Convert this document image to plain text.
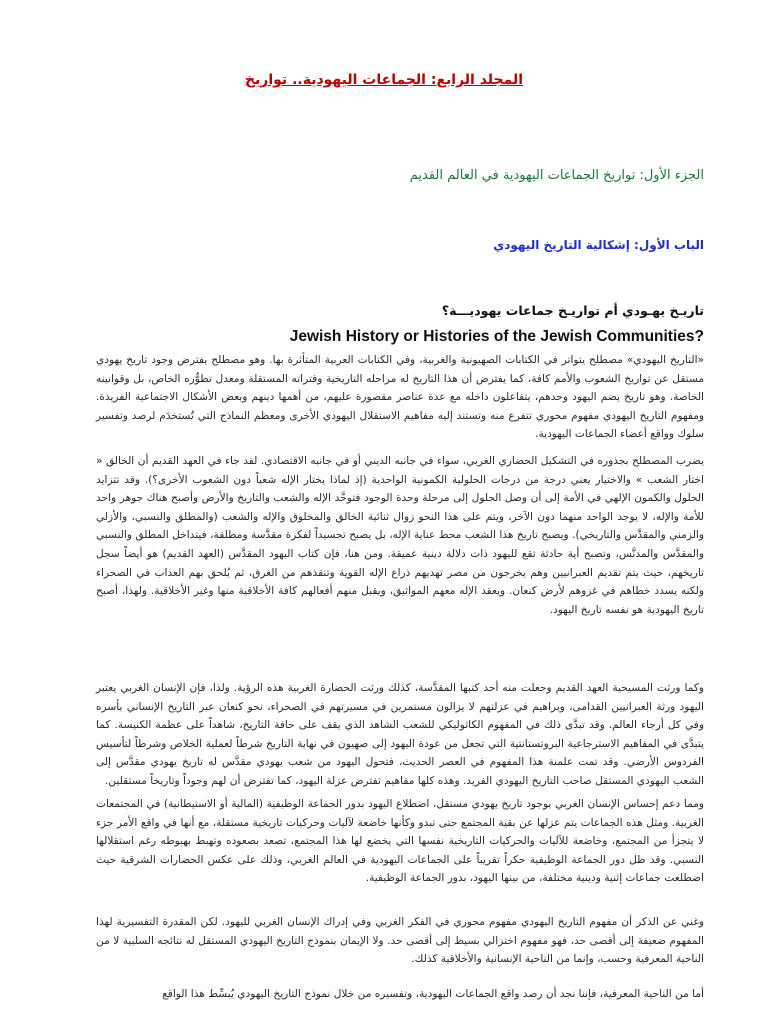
المجلد الرابع: الجماعات اليهودية.. تواريخ
الجزء الأول: تواريخ الجماعات اليهودية في العالم القديم
الباب الأول: إشكالية التاريخ اليهودي
تاريـخ يهـودي أم تواريـخ جماعات يهوديـــة؟
Jewish History or Histories of the Jewish Communities?
«التاريخ اليهودي» مصطلح يتواتر في الكتابات الصهيونية والغربية، وفي الكتابات العربية المتأثرة بها. وهو مصطلح يفترض وجود تاريخ يهودي مستقل عن تواريخ الشعوب والأمم كافة، كما يفترض أن هذا التاريخ له مراحله التاريخية وفتراته المستقلة ومعدل تطوُّره الخاص، بل وقوانينه الخاصة. وهو تاريخ يضم اليهود وحدهم، يتفاعلون داخله مع عدة عناصر مقصورة عليهم، من أهمها دينهم وبعض الأشكال الاجتماعية الفريدة. ومفهوم التاريخ اليهودي مفهوم محوري تتفرع منه وتستند إليه مفاهيم الاستقلال اليهودي الأخرى ومعظم النماذج التي تُستخدَم لرصد وتفسير سلوك وواقع أعضاء الجماعات اليهودية.
يضرب المصطلح بجذوره في التشكيل الحضاري الغربي، سواء في جانبه الديني أو في جانبه الاقتصادي. لقد جاء في العهد القديم أن الخالق « اختار الشعب » والاختيار يعني درجة من درجات الحلولية الكمونية الواحدية (إذ لماذا يختار الإله شعباً دون الشعوب الأخرى؟). وقد تتزايد الحلول والكمون الإلهي في الأمة إلى أن وصل الحلول إلى مرحلة وحدة الوجود فتوحَّد الإله والشعب والتاريخ والأرض وأصبح هناك جوهر واحد للأمة والإله، لا يوجد الواحد منهما دون الآخر، ويتم على هذا النحو زوال ثنائية الخالق والمخلوق والإله والشعب (والمطلق والنسبي، والأزلي والزمني والمقدَّس والتاريخي). ويصبح تاريخ هذا الشعب محط عناية الإله، بل يصبح تجسيداً لفكرة مقدَّسة ومطلقة، فيتداخل المطلق والنسبي والمقدَّس والمدنَّس، وتصبح أية حادثة تقع لليهود ذات دلالة دينية عميقة. ومن هنا، فإن كتاب اليهود المقدَّس (العهد القديم) هو أيضاً سجل تاريخهم، حيث يتم تقديم العبرانيين وهم يخرجون من مصر تهديهم ذراع الإله القوية وتنقذهم من الغرق، ثم يُلحق بهم العذاب في الصحراء ولكنه يسدد خطاهم في غزوهم لأرض كنعان. ويعقد الإله معهم المواثيق، ويقبل منهم أفعالهم كافة الأخلاقية منها وغير الأخلاقية. ولهذا، أصبح تاريخ اليهودية هو نفسه تاريخ اليهود.
وكما ورثت المسيحية العهد القديم وجعلت منه أحد كتبها المقدَّسة، كذلك ورثت الحضارة الغربية هذه الرؤية. ولذا، فإن الإنسان الغربي يعتبر اليهود ورثة العبرانيين القدامى، وبراهيم في عزلتهم لا يزالون مستمرين في مسيرتهم في الصحراء، نحو كنعان عبر التاريخ الإنساني بأسره وفي كل أرجاء العالم. وقد تبدَّى ذلك في المفهوم الكاثوليكي للشعب الشاهد الذي يقف على حافة التاريخ، شاهداً على عظمة الكنيسة. كما يتبدَّى في المفاهيم الاسترجاعية البروتستانتية التي تجعل من عودة اليهود إلى صهيون في نهاية التاريخ شرطاً لعملية الخلاص وشرطاً لتأسيس الفردوس الأرضي. وقد تمت علمنة هذا المفهوم في العصر الحديث، فتحول اليهود من شعب يهودي مقدَّس له تاريخ يهودي مقدَّس إلى الشعب اليهودي المستقل صاحب التاريخ اليهودي الفريد. وهذه كلها مفاهيم تفترض عزلة اليهود، كما تفترض أن لهم وجوداً وتاريخاً مستقلين.
ومما دعم إحساس الإنسان الغربي بوجود تاريخ يهودي مستقل، اضطلاع اليهود بدور الجماعة الوظيفية (المالية أو الاستيطانية) في المجتمعات الغربية. ومثل هذه الجماعات يتم عزلها عن بقية المجتمع حتى تبدو وكأنها خاضعة لآليات وحركيات تاريخية مستقلة، مع أنها في واقع الأمر جزء لا يتجزأ من المجتمع، وخاضعة للآليات والحركيات التاريخية نفسها التي يخضع لها هذا المجتمع، تصعد بصعوده وتهبط بهبوطه رغم استقلالها النسبي. وقد ظل دور الجماعة الوظيفية حكراً تقريباً على الجماعات اليهودية في العالم الغربي، وذلك على عكس الحضارات الشرقية حيث اضطلعت جماعات إثنية ودينية مختلفة، من بينها اليهود، بدور الجماعة الوظيفية.
وغني عن الذكر أن مفهوم التاريخ اليهودي مفهوم محوري في الفكر الغربي وفي إدراك الإنسان الغربي لليهود. لكن المقدرة التفسيرية لهذا المفهوم ضعيفة إلى أقصى حد، فهو مفهوم اختزالي بسيط إلى أقصى حد. ولا الإيمان بنموذج التاريخ اليهودي المستقل له نتائجه السلبية لا من الناحية المعرفية وحسب، وإنما من الناحية الإنسانية والأخلاقية كذلك.
أما من الناحية المعرفية، فإننا نجد أن رصد واقع الجماعات اليهودية، وتفسيره من خلال نموذج التاريخ اليهودي يُبسِّط هذا الواقع
